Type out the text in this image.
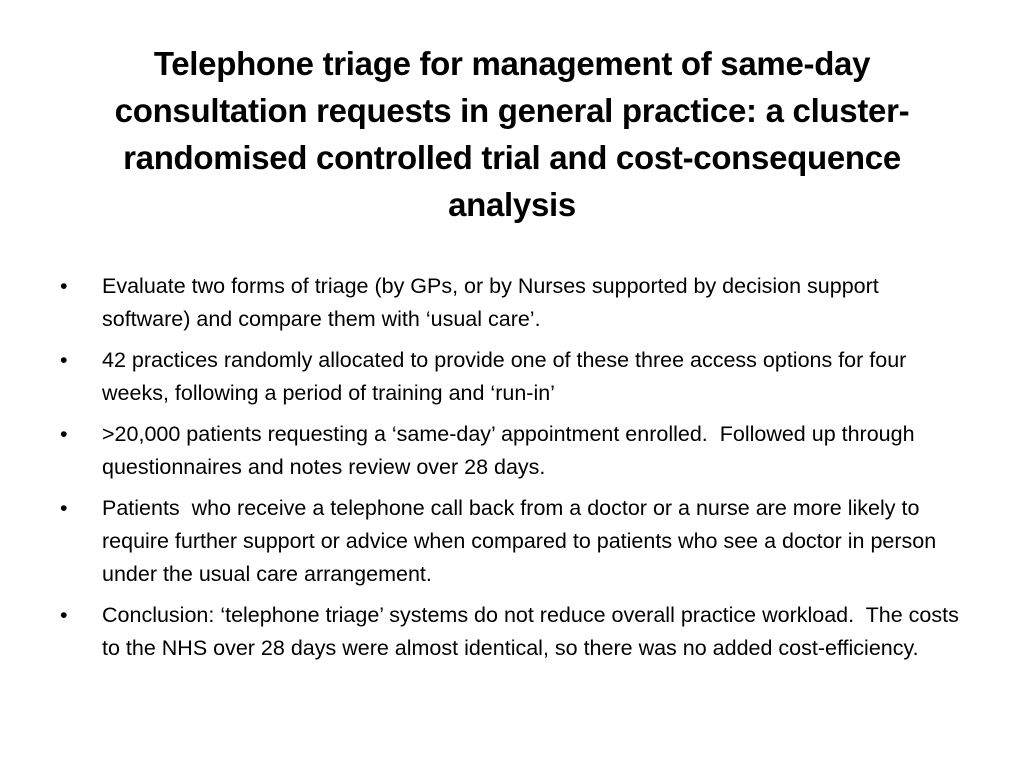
Telephone triage for management of same-day consultation requests in general practice: a cluster-randomised controlled trial and cost-consequence analysis
• Evaluate two forms of triage (by GPs, or by Nurses supported by decision support software) and compare them with ‘usual care’.
• 42 practices randomly allocated to provide one of these three access options for four weeks, following a period of training and ‘run-in’
• >20,000 patients requesting a ‘same-day’ appointment enrolled.  Followed up through questionnaires and notes review over 28 days.
• Patients  who receive a telephone call back from a doctor or a nurse are more likely to require further support or advice when compared to patients who see a doctor in person under the usual care arrangement.
• Conclusion: ‘telephone triage’ systems do not reduce overall practice workload.  The costs to the NHS over 28 days were almost identical, so there was no added cost-efficiency.
